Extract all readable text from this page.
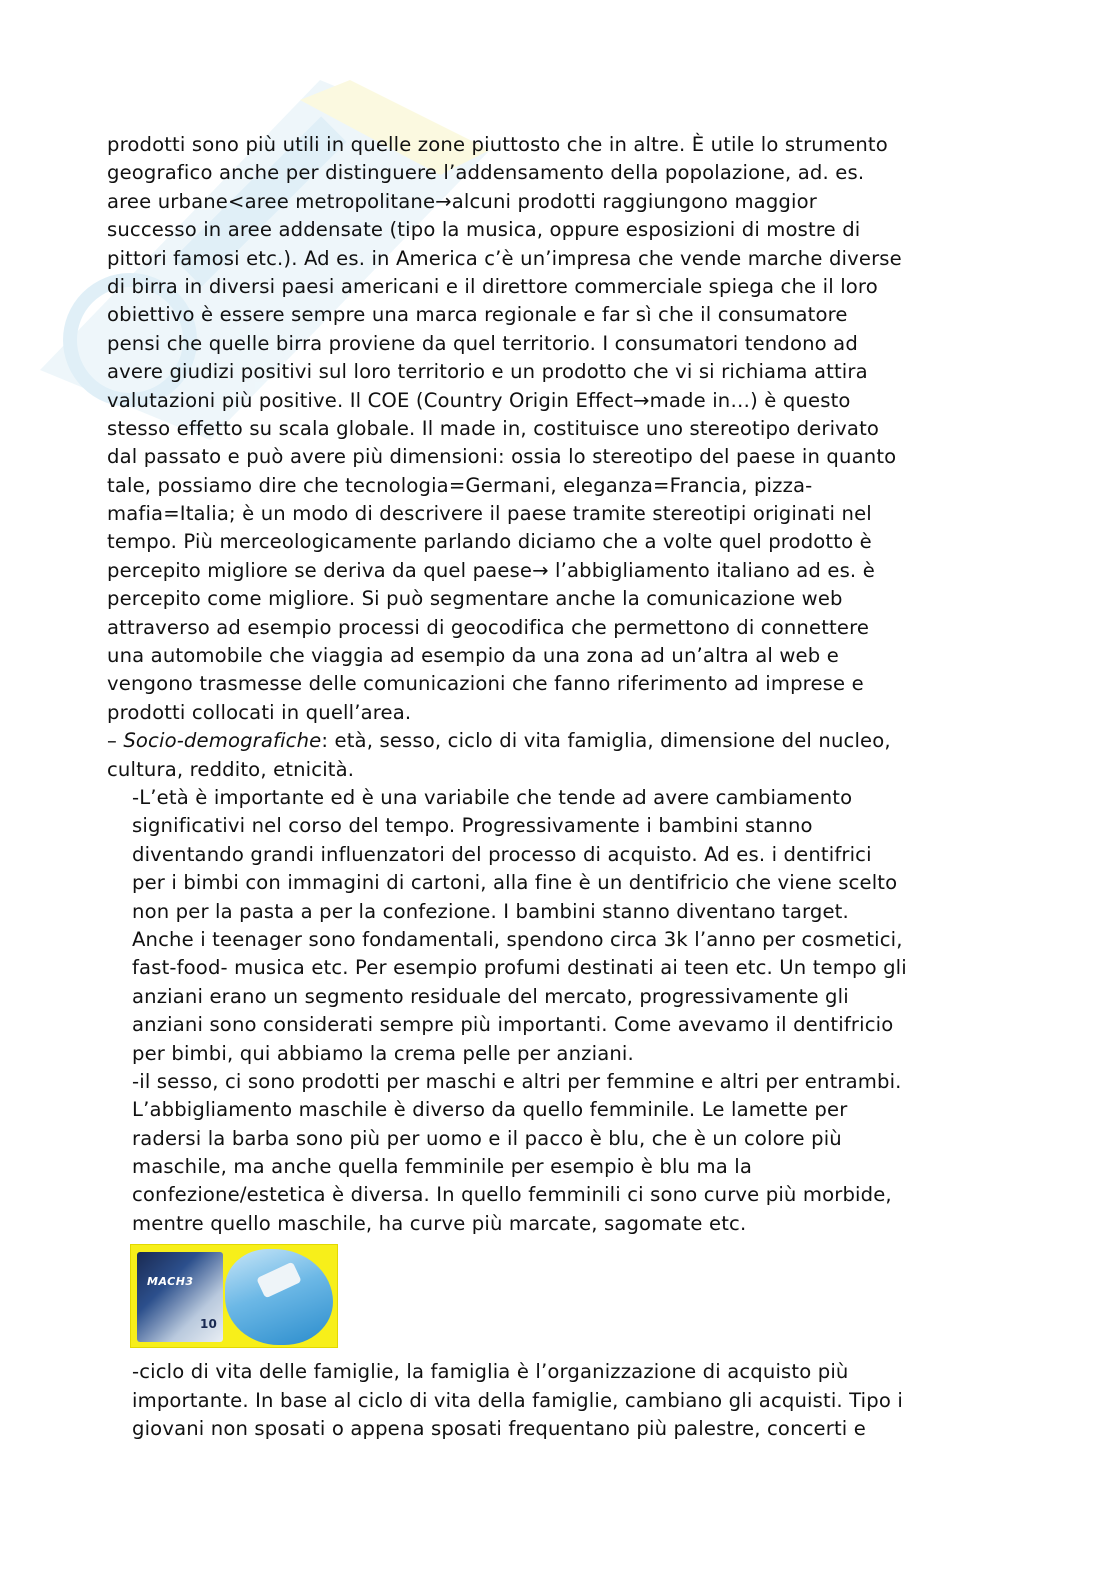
prodotti sono più utili in quelle zone piuttosto che in altre. È utile lo strumento
geografico anche per distinguere l’addensamento della popolazione, ad. es.
aree urbane<aree metropolitane→alcuni prodotti raggiungono maggior
successo in aree addensate (tipo la musica, oppure esposizioni di mostre di
pittori famosi etc.). Ad es. in America c’è un’impresa che vende marche diverse
di birra in diversi paesi americani e il direttore commerciale spiega che il loro
obiettivo è essere sempre una marca regionale e far sì che il consumatore
pensi che quelle birra proviene da quel territorio. I consumatori tendono ad
avere giudizi positivi sul loro territorio e un prodotto che vi si richiama attira
valutazioni più positive. Il COE (Country Origin Effect→made in…) è questo
stesso effetto su scala globale. Il made in, costituisce uno stereotipo derivato
dal passato e può avere più dimensioni: ossia lo stereotipo del paese in quanto
tale, possiamo dire che tecnologia=Germani, eleganza=Francia, pizza-
mafia=Italia; è un modo di descrivere il paese tramite stereotipi originati nel
tempo. Più merceologicamente parlando diciamo che a volte quel prodotto è
percepito migliore se deriva da quel paese→ l’abbigliamento italiano ad es. è
percepito come migliore. Si può segmentare anche la comunicazione web
attraverso ad esempio processi di geocodifica che permettono di connettere
una automobile che viaggia ad esempio da una zona ad un’altra al web e
vengono trasmesse delle comunicazioni che fanno riferimento ad imprese e
prodotti collocati in quell’area.
– Socio-demografiche: età, sesso, ciclo di vita famiglia, dimensione del nucleo,
cultura, reddito, etnicità.
-L’età è importante ed è una variabile che tende ad avere cambiamento
significativi nel corso del tempo. Progressivamente i bambini stanno
diventando grandi influenzatori del processo di acquisto. Ad es. i dentifrici
per i bimbi con immagini di cartoni, alla fine è un dentifricio che viene scelto
non per la pasta a per la confezione. I bambini stanno diventano target.
Anche i teenager sono fondamentali, spendono circa 3k l’anno per cosmetici,
fast-food- musica etc. Per esempio profumi destinati ai teen etc. Un tempo gli
anziani erano un segmento residuale del mercato, progressivamente gli
anziani sono considerati sempre più importanti. Come avevamo il dentifricio
per bimbi, qui abbiamo la crema pelle per anziani.
-il sesso, ci sono prodotti per maschi e altri per femmine e altri per entrambi.
L’abbigliamento maschile è diverso da quello femminile. Le lamette per
radersi la barba sono più per uomo e il pacco è blu, che è un colore più
maschile, ma anche quella femminile per esempio è blu ma la
confezione/estetica è diversa. In quello femminili ci sono curve più morbide,
mentre quello maschile, ha curve più marcate, sagomate etc.
MACH3
10
-ciclo di vita delle famiglie, la famiglia è l’organizzazione di acquisto più
importante. In base al ciclo di vita della famiglie, cambiano gli acquisti. Tipo i
giovani non sposati o appena sposati frequentano più palestre, concerti e
